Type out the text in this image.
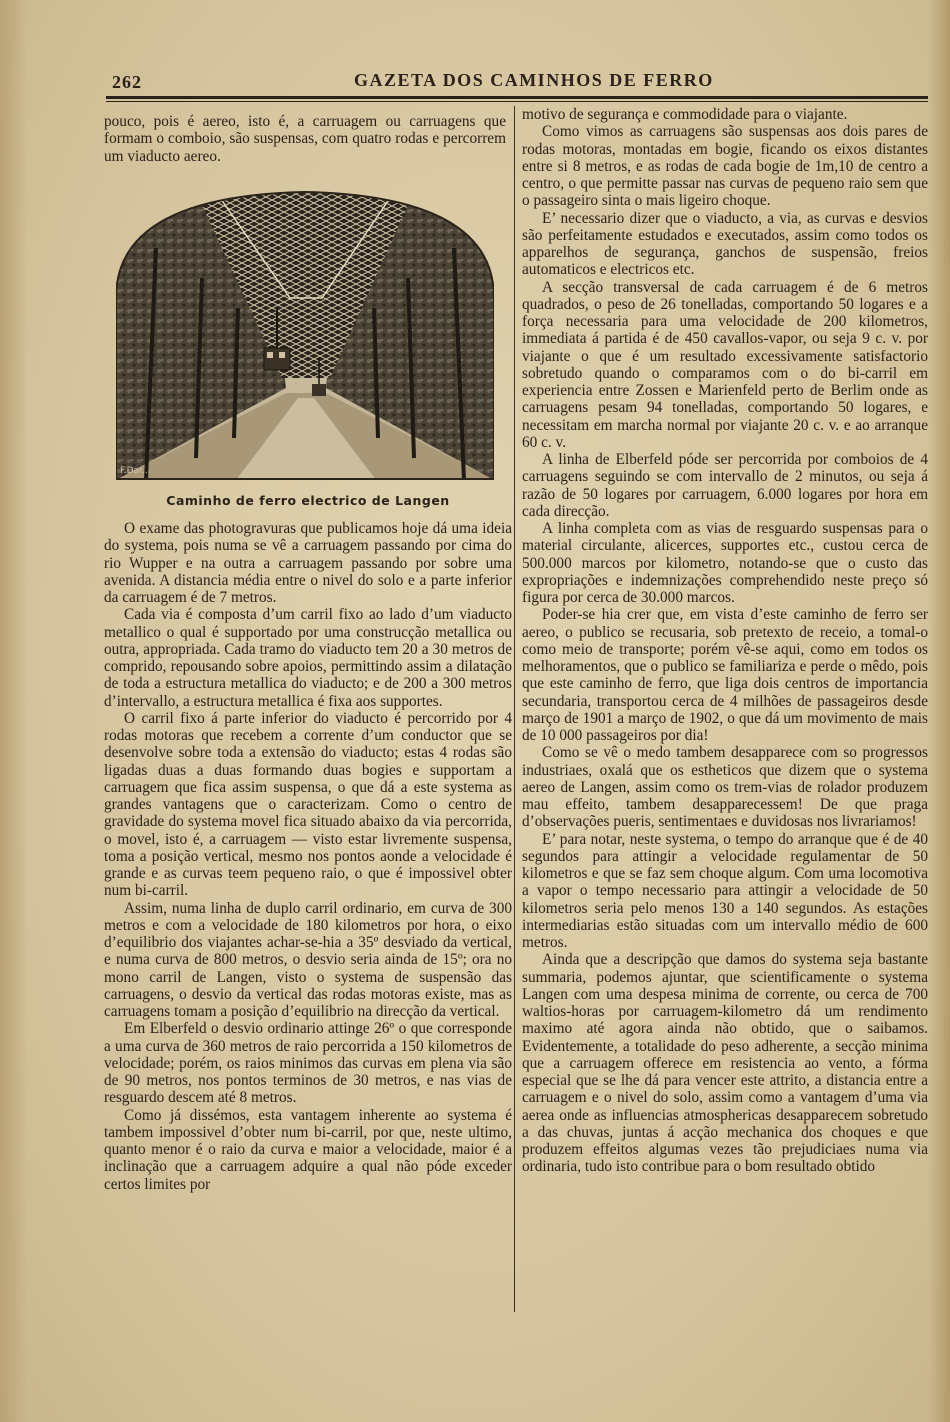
262	GAZETA DOS CAMINHOS DE FERRO

pouco, pois é aereo, isto é, a carruagem ou carruagens que formam o comboio, são suspensas, com quatro rodas e percorrem um viaducto aereo.

F.Dar...
Caminho de ferro electrico de Langen

O exame das photogravuras que publicamos hoje dá uma ideia do systema, pois numa se vê a carruagem passando por cima do rio Wupper e na outra a carruagem passando por sobre uma avenida. A distancia média entre o nivel do solo e a parte inferior da carruagem é de 7 metros.

Cada via é composta d’um carril fixo ao lado d’um viaducto metallico o qual é supportado por uma construcção metallica ou outra, appropriada. Cada tramo do viaducto tem 20 a 30 metros de comprido, repousando sobre apoios, permittindo assim a dilatação de toda a estructura metallica do viaducto; e de 200 a 300 metros d’intervallo, a estructura metallica é fixa aos supportes.

O carril fixo á parte inferior do viaducto é percorrido por 4 rodas motoras que recebem a corrente d’um conductor que se desenvolve sobre toda a extensão do viaducto; estas 4 rodas são ligadas duas a duas formando duas bogies e supportam a carruagem que fica assim suspensa, o que dá a este systema as grandes vantagens que o caracterizam. Como o centro de gravidade do systema movel fica situado abaixo da via percorrida, o movel, isto é, a carruagem — visto estar livremente suspensa, toma a posição vertical, mesmo nos pontos aonde a velocidade é grande e as curvas teem pequeno raio, o que é impossivel obter num bi-carril.

Assim, numa linha de duplo carril ordinario, em curva de 300 metros e com a velocidade de 180 kilometros por hora, o eixo d’equilibrio dos viajantes achar-se-hia a 35º desviado da vertical, e numa curva de 800 metros, o desvio seria ainda de 15º; ora no mono carril de Langen, visto o systema de suspensão das carruagens, o desvio da vertical das rodas motoras existe, mas as carruagens tomam a posição d’equilibrio na direcção da vertical.

Em Elberfeld o desvio ordinario attinge 26º o que corresponde a uma curva de 360 metros de raio percorrida a 150 kilometros de velocidade; porém, os raios minimos das curvas em plena via são de 90 metros, nos pontos terminos de 30 metros, e nas vias de resguardo descem até 8 metros.

Como já dissémos, esta vantagem inherente ao systema é tambem impossivel d’obter num bi-carril, por que, neste ultimo, quanto menor é o raio da curva e maior a velocidade, maior é a inclinação que a carruagem adquire a qual não póde exceder certos limites por

motivo de segurança e commodidade para o viajante.

Como vimos as carruagens são suspensas aos dois pares de rodas motoras, montadas em bogie, ficando os eixos distantes entre si 8 metros, e as rodas de cada bogie de 1m,10 de centro a centro, o que permitte passar nas curvas de pequeno raio sem que o passageiro sinta o mais ligeiro choque.

E’ necessario dizer que o viaducto, a via, as curvas e desvios são perfeitamente estudados e executados, assim como todos os apparelhos de segurança, ganchos de suspensão, freios automaticos e electricos etc.

A secção transversal de cada carruagem é de 6 metros quadrados, o peso de 26 tonelladas, comportando 50 logares e a força necessaria para uma velocidade de 200 kilometros, immediata á partida é de 450 cavallos-vapor, ou seja 9 c. v. por viajante o que é um resultado excessivamente satisfactorio sobretudo quando o comparamos com o do bi-carril em experiencia entre Zossen e Marienfeld perto de Berlim onde as carruagens pesam 94 tonelladas, comportando 50 logares, e necessitam em marcha normal por viajante 20 c. v. e ao arranque 60 c. v.

A linha de Elberfeld póde ser percorrida por comboios de 4 carruagens seguindo se com intervallo de 2 minutos, ou seja á razão de 50 logares por carruagem, 6.000 logares por hora em cada direcção.

A linha completa com as vias de resguardo suspensas para o material circulante, alicerces, supportes etc., custou cerca de 500.000 marcos por kilometro, notando-se que o custo das expropriações e indemnizações comprehendido neste preço só figura por cerca de 30.000 marcos.

Poder-se hia crer que, em vista d’este caminho de ferro ser aereo, o publico se recusaria, sob pretexto de receio, a tomal-o como meio de transporte; porém vê-se aqui, como em todos os melhoramentos, que o publico se familiariza e perde o mêdo, pois que este caminho de ferro, que liga dois centros de importancia secundaria, transportou cerca de 4 milhões de passageiros desde março de 1901 a março de 1902, o que dá um movimento de mais de 10 000 passageiros por dia!

Como se vê o medo tambem desapparece com so progressos industriaes, oxalá que os estheticos que dizem que o systema aereo de Langen, assim como os trem-vias de rolador produzem mau effeito, tambem desapparecessem! De que praga d’observações pueris, sentimentaes e duvidosas nos livrariamos!

E’ para notar, neste systema, o tempo do arranque que é de 40 segundos para attingir a velocidade regulamentar de 50 kilometros e que se faz sem choque algum. Com uma locomotiva a vapor o tempo necessario para attingir a velocidade de 50 kilometros seria pelo menos 130 a 140 segundos. As estações intermediarias estão situadas com um intervallo médio de 600 metros.

Ainda que a descripção que damos do systema seja bastante summaria, podemos ajuntar, que scientificamente o systema Langen com uma despesa minima de corrente, ou cerca de 700 waltios-horas por carruagem-kilometro dá um rendimento maximo até agora ainda não obtido, que o saibamos. Evidentemente, a totalidade do peso adherente, a secção minima que a carruagem offerece em resistencia ao vento, a fórma especial que se lhe dá para vencer este attrito, a distancia entre a carruagem e o nivel do solo, assim como a vantagem d’uma via aerea onde as influencias atmosphericas desapparecem sobretudo a das chuvas, juntas á acção mechanica dos choques e que produzem effeitos algumas vezes tão prejudiciaes numa via ordinaria, tudo isto contribue para o bom resultado obtido
